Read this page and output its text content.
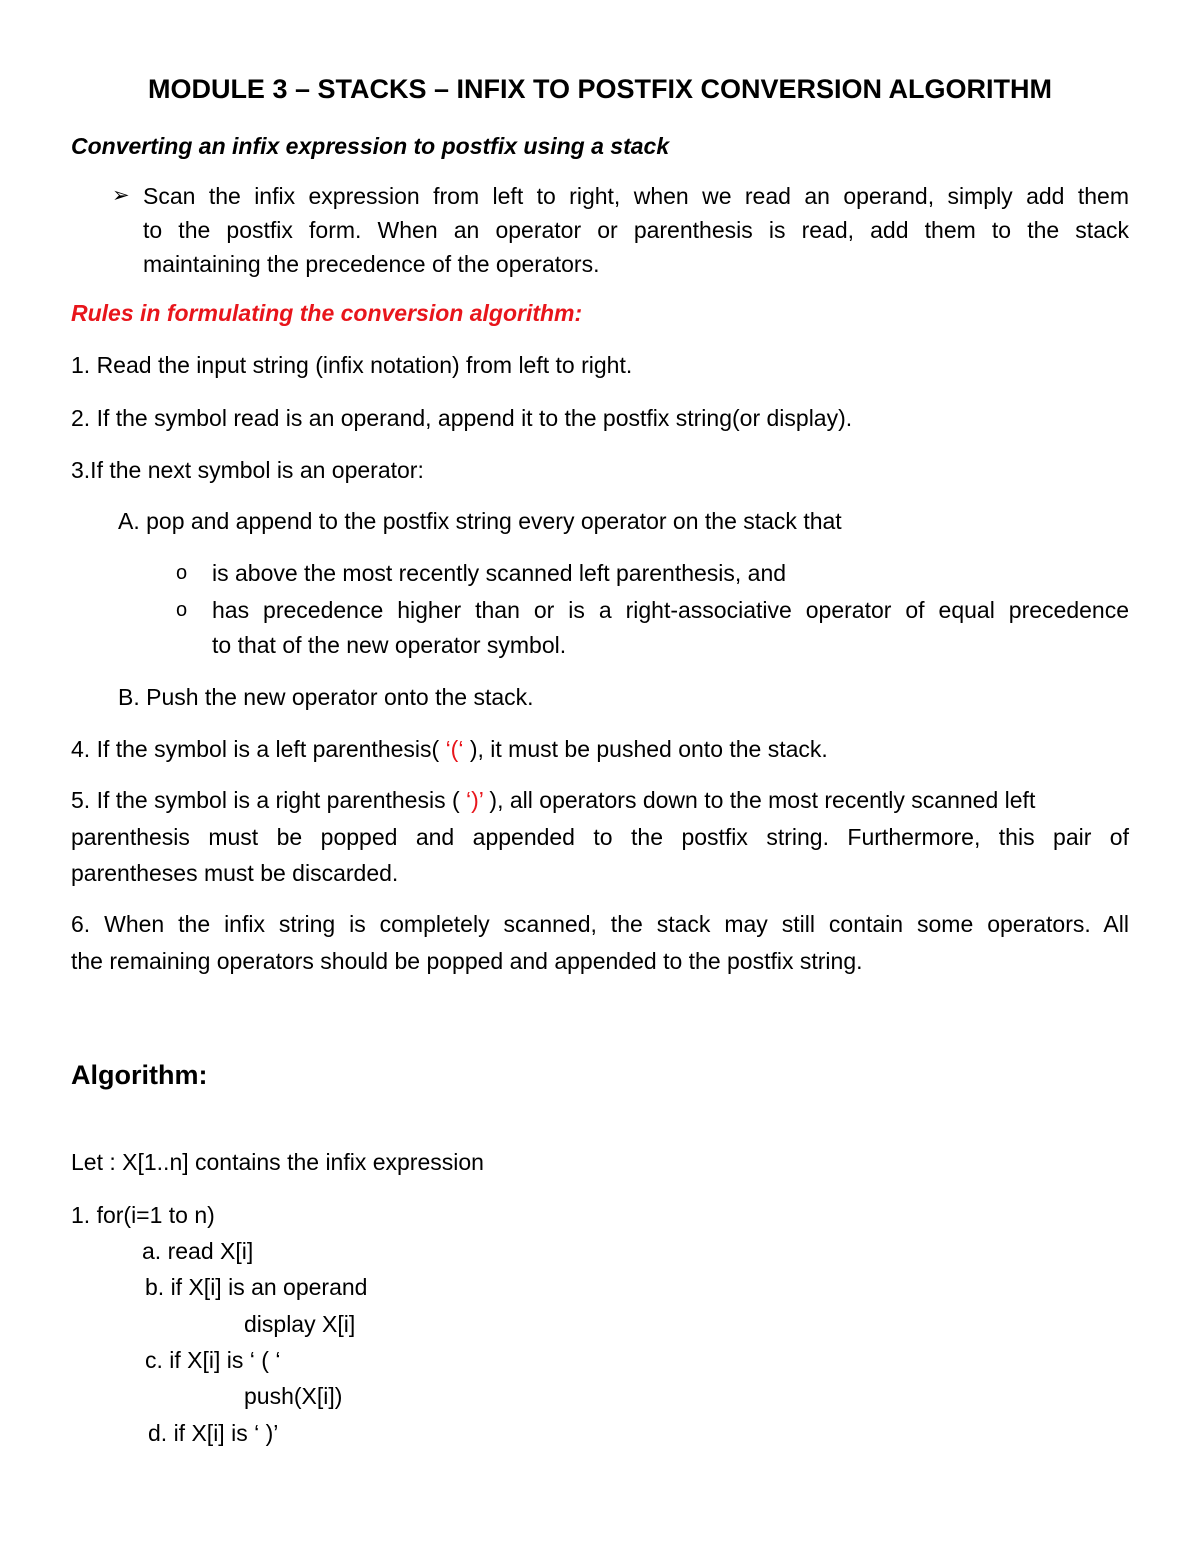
MODULE 3 – STACKS – INFIX TO POSTFIX CONVERSION ALGORITHM
Converting an infix expression to postfix using a stack
➢ Scan the infix expression from left to right, when we read an operand, simply add them
to the postfix form. When an operator or parenthesis is read, add them to the stack
maintaining the precedence of the operators.
Rules in formulating the conversion algorithm:
1. Read the input string (infix notation) from left to right.
2. If the symbol read is an operand, append it to the postfix string(or display).
3.If the next symbol is an operator:
A. pop and append to the postfix string every operator on the stack that
o is above the most recently scanned left parenthesis, and
o has precedence higher than or is a right-associative operator of equal precedence
to that of the new operator symbol.
B. Push the new operator onto the stack.
4. If the symbol is a left parenthesis( ‘(‘ ), it must be pushed onto the stack.
5. If the symbol is a right parenthesis ( ‘)’ ), all operators down to the most recently scanned left
parenthesis must be popped and appended to the postfix string. Furthermore, this pair of
parentheses must be discarded.
6. When the infix string is completely scanned, the stack may still contain some operators. All
the remaining operators should be popped and appended to the postfix string.
Algorithm:
Let : X[1..n] contains the infix expression
1. for(i=1 to n)
a. read X[i]
b. if X[i] is an operand
display X[i]
c. if X[i] is ‘ ( ‘
push(X[i])
d. if X[i] is ‘ )’
